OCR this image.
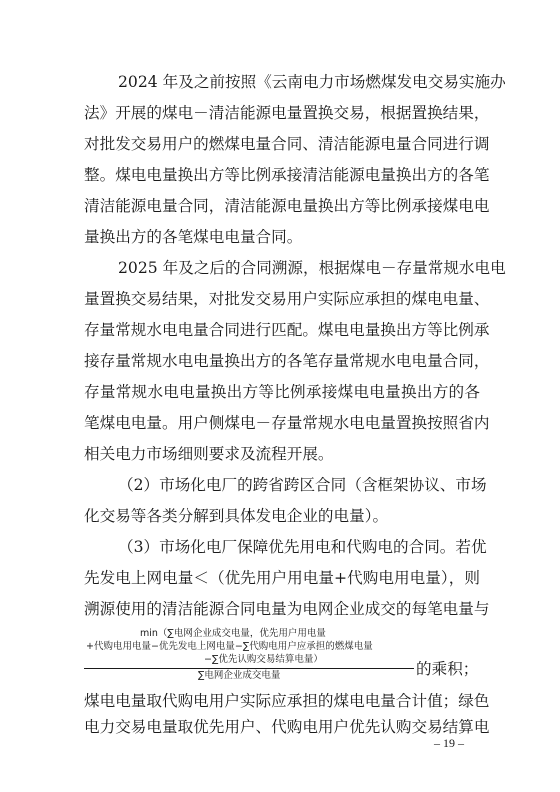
2024 年及之前按照《云南电力市场燃煤发电交易实施办
法》开展的煤电－清洁能源电量置换交易，根据置换结果，
对批发交易用户的燃煤电量合同、清洁能源电量合同进行调
整。煤电电量换出方等比例承接清洁能源电量换出方的各笔
清洁能源电量合同，清洁能源电量换出方等比例承接煤电电
量换出方的各笔煤电电量合同。
2025 年及之后的合同溯源，根据煤电－存量常规水电电
量置换交易结果，对批发交易用户实际应承担的煤电电量、
存量常规水电电量合同进行匹配。煤电电量换出方等比例承
接存量常规水电电量换出方的各笔存量常规水电电量合同，
存量常规水电电量换出方等比例承接煤电电量换出方的各
笔煤电电量。用户侧煤电－存量常规水电电量置换按照省内
相关电力市场细则要求及流程开展。
（2）市场化电厂的跨省跨区合同（含框架协议、市场
化交易等各类分解到具体发电企业的电量）。
（3）市场化电厂保障优先用电和代购电的合同。若优
先发电上网电量＜（优先用户用电量+代购电用电量），则
溯源使用的清洁能源合同电量为电网企业成交的每笔电量与
min（∑电网企业成交电量，优先用户用电量
+代购电用电量−优先发电上网电量−∑代购电用户应承担的燃煤电量
−∑优先认购交易结算电量）
∑电网企业成交电量	的乘积；
煤电电量取代购电用户实际应承担的煤电电量合计值；绿色
电力交易电量取优先用户、代购电用户优先认购交易结算电
– 19 –
